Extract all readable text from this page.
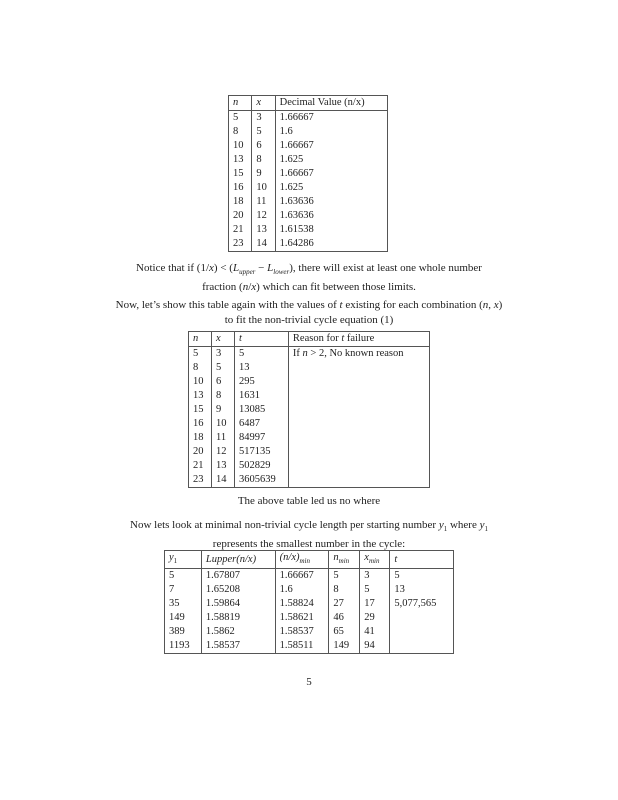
n	x	Decimal Value (n/x)
5	3	1.66667
8	5	1.6
10	6	1.66667
13	8	1.625
15	9	1.66667
16	10	1.625
18	11	1.63636
20	12	1.63636
21	13	1.61538
23	14	1.64286
Notice that if $(1/x) < (L_{upper} - L_{lower})$, there will exist at least one whole number
fraction (n/x) which can fit between those limits.
Now, let’s show this table again with the values of t existing for each combination (n, x)
to fit the non-trivial cycle equation (1)
n	x	t	Reason for t failure
5	3	5	If n > 2, No known reason
8	5	13	
10	6	295	
13	8	1631	
15	9	13085	
16	10	6487	
18	11	84997	
20	12	517135	
21	13	502829	
23	14	3605639	
The above table led us no where
Now lets look at minimal non-trivial cycle length per starting number $y_1$ where $y_1$
represents the smallest number in the cycle:
$y_1$	Lupper(n/x)	$(n/x)_{min}$	$n_{min}$	$x_{min}$	t
5	1.67807	1.66667	5	3	5
7	1.65208	1.6	8	5	13
35	1.59864	1.58824	27	17	5,077,565
149	1.58819	1.58621	46	29	
389	1.5862	1.58537	65	41	
1193	1.58537	1.58511	149	94	
5
